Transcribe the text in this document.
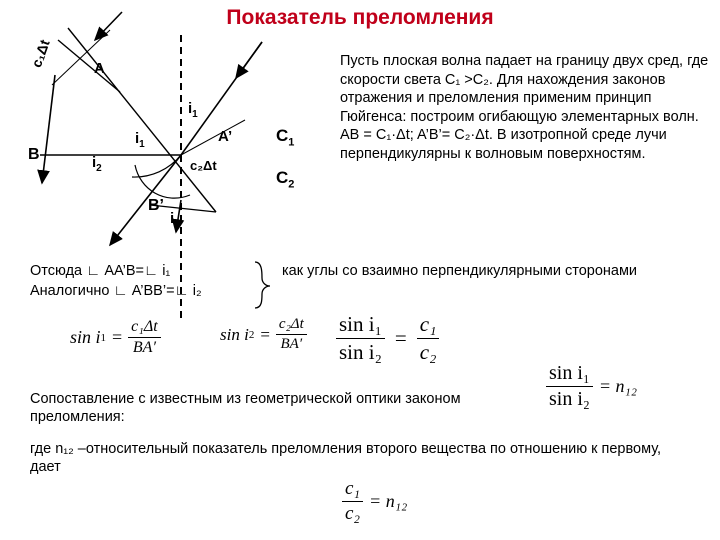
Показатель преломления
c₁Δt	A
B
$i_1$
$i_1$	A’
$i_2$	c₂Δt
B’
$i_2$
$C_1$
$C_2$
Пусть плоская волна падает на границу двух сред, где скорости света С₁ >С₂. Для нахождения законов отражения и преломления применим принцип Гюйгенса: построим огибающую элементарных волн. АВ = С₁·Δt; A’B’= C₂·Δt. В изотропной среде лучи перпендикулярны к волновым поверхностям.
Отсюда ∟ AA’B=∟ i₁
Аналогично ∟ A’BB’=∟ i₂
как углы со взаимно перпендикулярными сторонами
sin i $1 = \frac{\text{c₁Δt}}{BA'}$	sin i $2 = \frac{\text{c₂Δt}}{BA'} \frac{\text{sin i₁}}{\text{sin i₂}} = \frac{\text{c₁}}{\text{c₂}}$
Сопоставление с известным из геометрической оптики законом преломления:
$\frac{\text{sin i₁}}{\text{sin i₂}} = n_{12}$
где n₁₂ –относительный показатель преломления второго вещества по отношению к первому, дает
$\frac{\text{c₁}}{\text{c₂}} = n_{12}$
